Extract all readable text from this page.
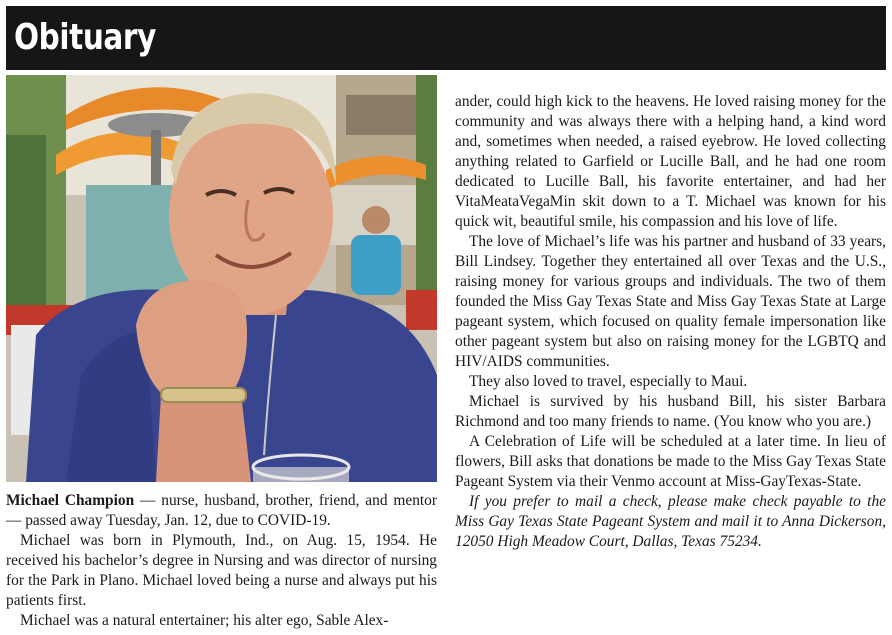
Obituary

Michael Champion — nurse, husband, brother, friend, and mentor — passed away Tuesday, Jan. 12, due to COVID-19.

Michael was born in Plymouth, Ind., on Aug. 15, 1954. He received his bachelor’s degree in Nursing and was director of nursing for the Park in Plano. Michael loved being a nurse and always put his patients first.

Michael was a natural entertainer; his alter ego, Sable Alex-

ander, could high kick to the heavens. He loved raising money for the community and was always there with a helping hand, a kind word and, sometimes when needed, a raised eyebrow. He loved collecting anything related to Garfield or Lucille Ball, and he had one room dedicated to Lucille Ball, his favorite entertainer, and had her VitaMeataVegaMin skit down to a T. Michael was known for his quick wit, beautiful smile, his compassion and his love of life.

The love of Michael’s life was his partner and husband of 33 years, Bill Lindsey. Together they entertained all over Texas and the U.S., raising money for various groups and individuals. The two of them founded the Miss Gay Texas State and Miss Gay Texas State at Large pageant system, which focused on quality female impersonation like other pageant system but also on raising money for the LGBTQ and HIV/AIDS communities.

They also loved to travel, especially to Maui.

Michael is survived by his husband Bill, his sister Barbara Richmond and too many friends to name. (You know who you are.)

A Celebration of Life will be scheduled at a later time. In lieu of flowers, Bill asks that donations be made to the Miss Gay Texas State Pageant System via their Venmo account at Miss-GayTexas-State.

If you prefer to mail a check, please make check payable to the Miss Gay Texas State Pageant System and mail it to Anna Dickerson, 12050 High Meadow Court, Dallas, Texas 75234.
